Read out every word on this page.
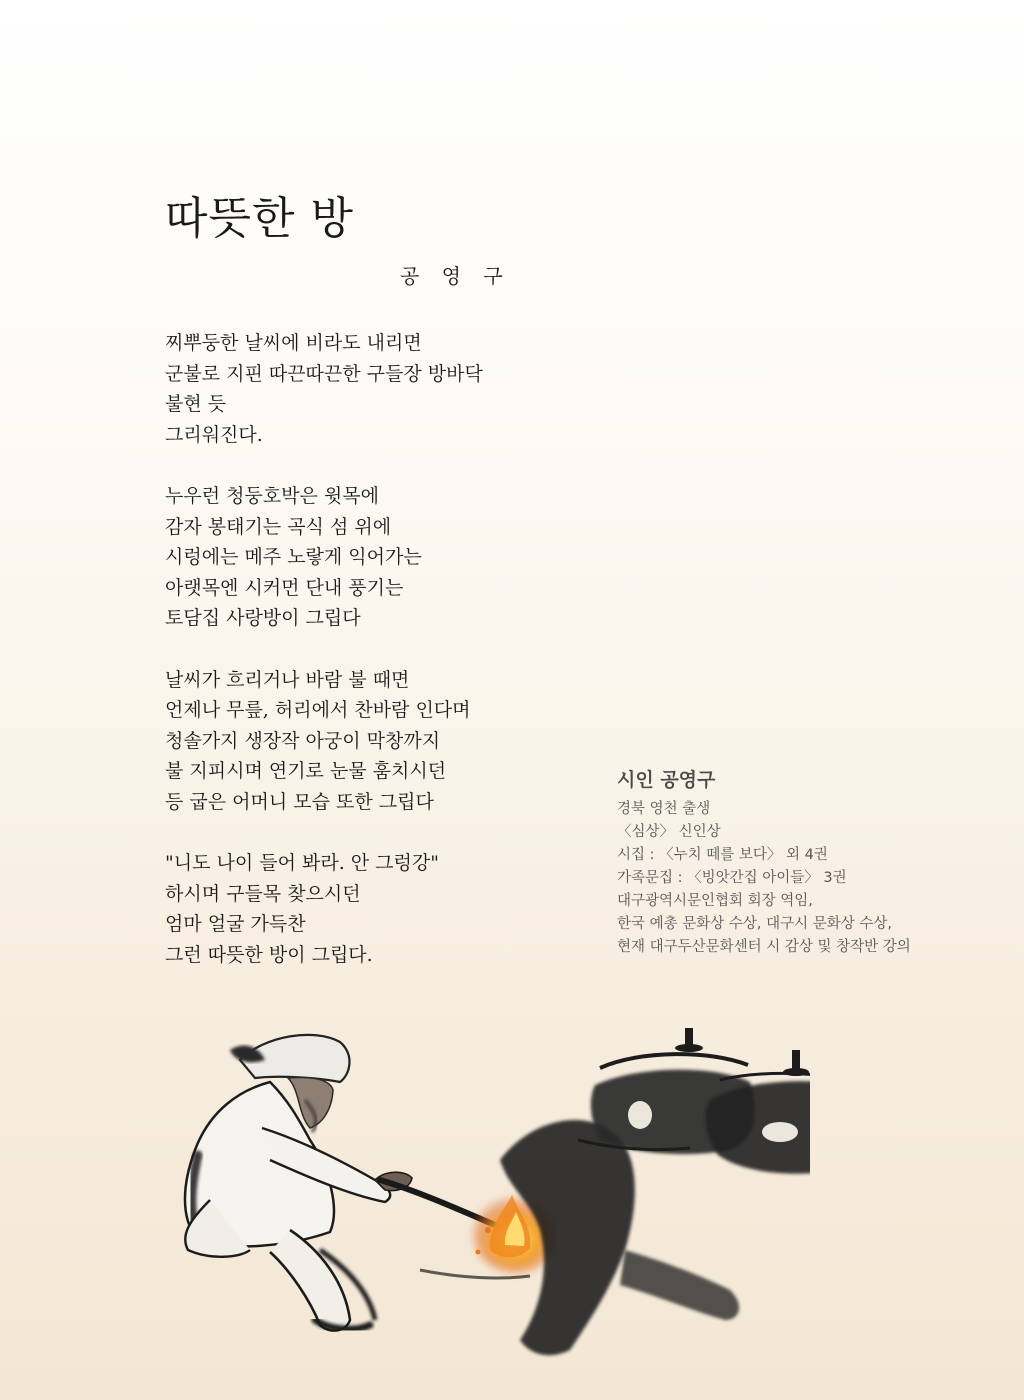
따뜻한 방
공 영 구
찌뿌둥한 날씨에 비라도 내리면
군불로 지핀 따끈따끈한 구들장 방바닥
불현 듯
그리워진다.
누우런 청둥호박은 윗목에
감자 봉태기는 곡식 섬 위에
시렁에는 메주 노랗게 익어가는
아랫목엔 시커먼 단내 풍기는
토담집 사랑방이 그립다
날씨가 흐리거나 바람 불 때면
언제나 무릎, 허리에서 찬바람 인다며
청솔가지 생장작 아궁이 막창까지
불 지피시며 연기로 눈물 훔치시던
등 굽은 어머니 모습 또한 그립다
"니도 나이 들어 봐라. 안 그렁강"
하시며 구들목 찾으시던
엄마 얼굴 가득찬
그런 따뜻한 방이 그립다.
시인 공영구
경북 영천 출생
〈심상〉 신인상
시집 : 〈누치 떼를 보다〉 외 4권
가족문집 : 〈빙앗간집 아이들〉 3권
대구광역시문인협회 회장 역임,
한국 예총 문화상 수상, 대구시 문화상 수상,
현재 대구두산문화센터 시 감상 및 창작반 강의
